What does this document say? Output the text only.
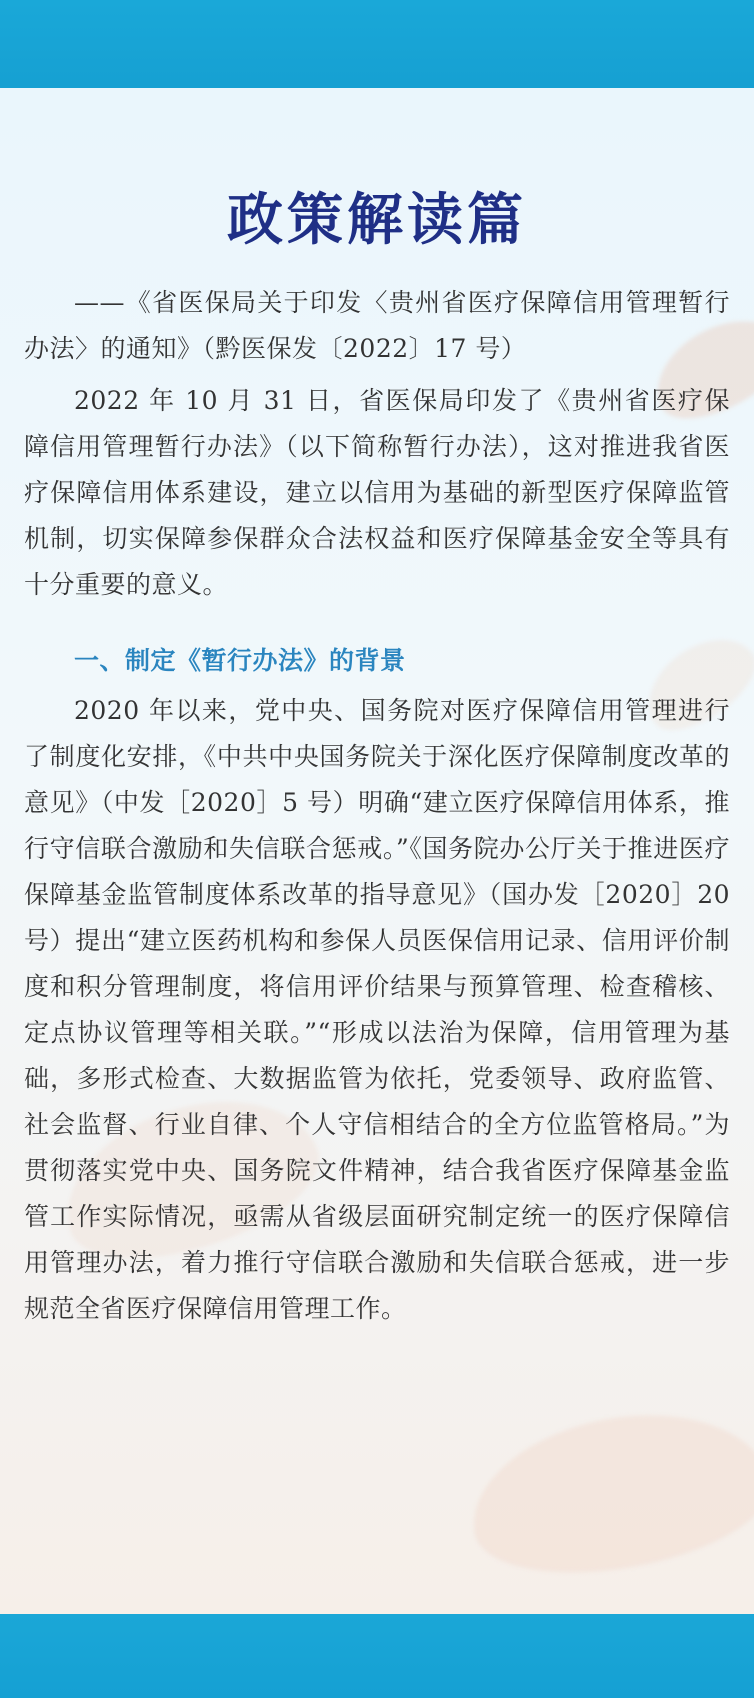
政策解读篇

——《省医保局关于印发〈贵州省医疗保障信用管理暂行办法〉的通知》（黔医保发〔2022〕17 号）

2022 年 10 月 31 日，省医保局印发了《贵州省医疗保障信用管理暂行办法》（以下简称暂行办法），这对推进我省医疗保障信用体系建设，建立以信用为基础的新型医疗保障监管机制，切实保障参保群众合法权益和医疗保障基金安全等具有十分重要的意义。

一、制定《暂行办法》的背景

2020 年以来，党中央、国务院对医疗保障信用管理进行了制度化安排，《中共中央国务院关于深化医疗保障制度改革的意见》（中发［2020］5 号）明确“建立医疗保障信用体系，推行守信联合激励和失信联合惩戒。”《国务院办公厅关于推进医疗保障基金监管制度体系改革的指导意见》（国办发［2020］20 号）提出“建立医药机构和参保人员医保信用记录、信用评价制度和积分管理制度，将信用评价结果与预算管理、检查稽核、定点协议管理等相关联。”“形成以法治为保障，信用管理为基础，多形式检查、大数据监管为依托，党委领导、政府监管、社会监督、行业自律、个人守信相结合的全方位监管格局。”为贯彻落实党中央、国务院文件精神，结合我省医疗保障基金监管工作实际情况，亟需从省级层面研究制定统一的医疗保障信用管理办法，着力推行守信联合激励和失信联合惩戒，进一步规范全省医疗保障信用管理工作。
